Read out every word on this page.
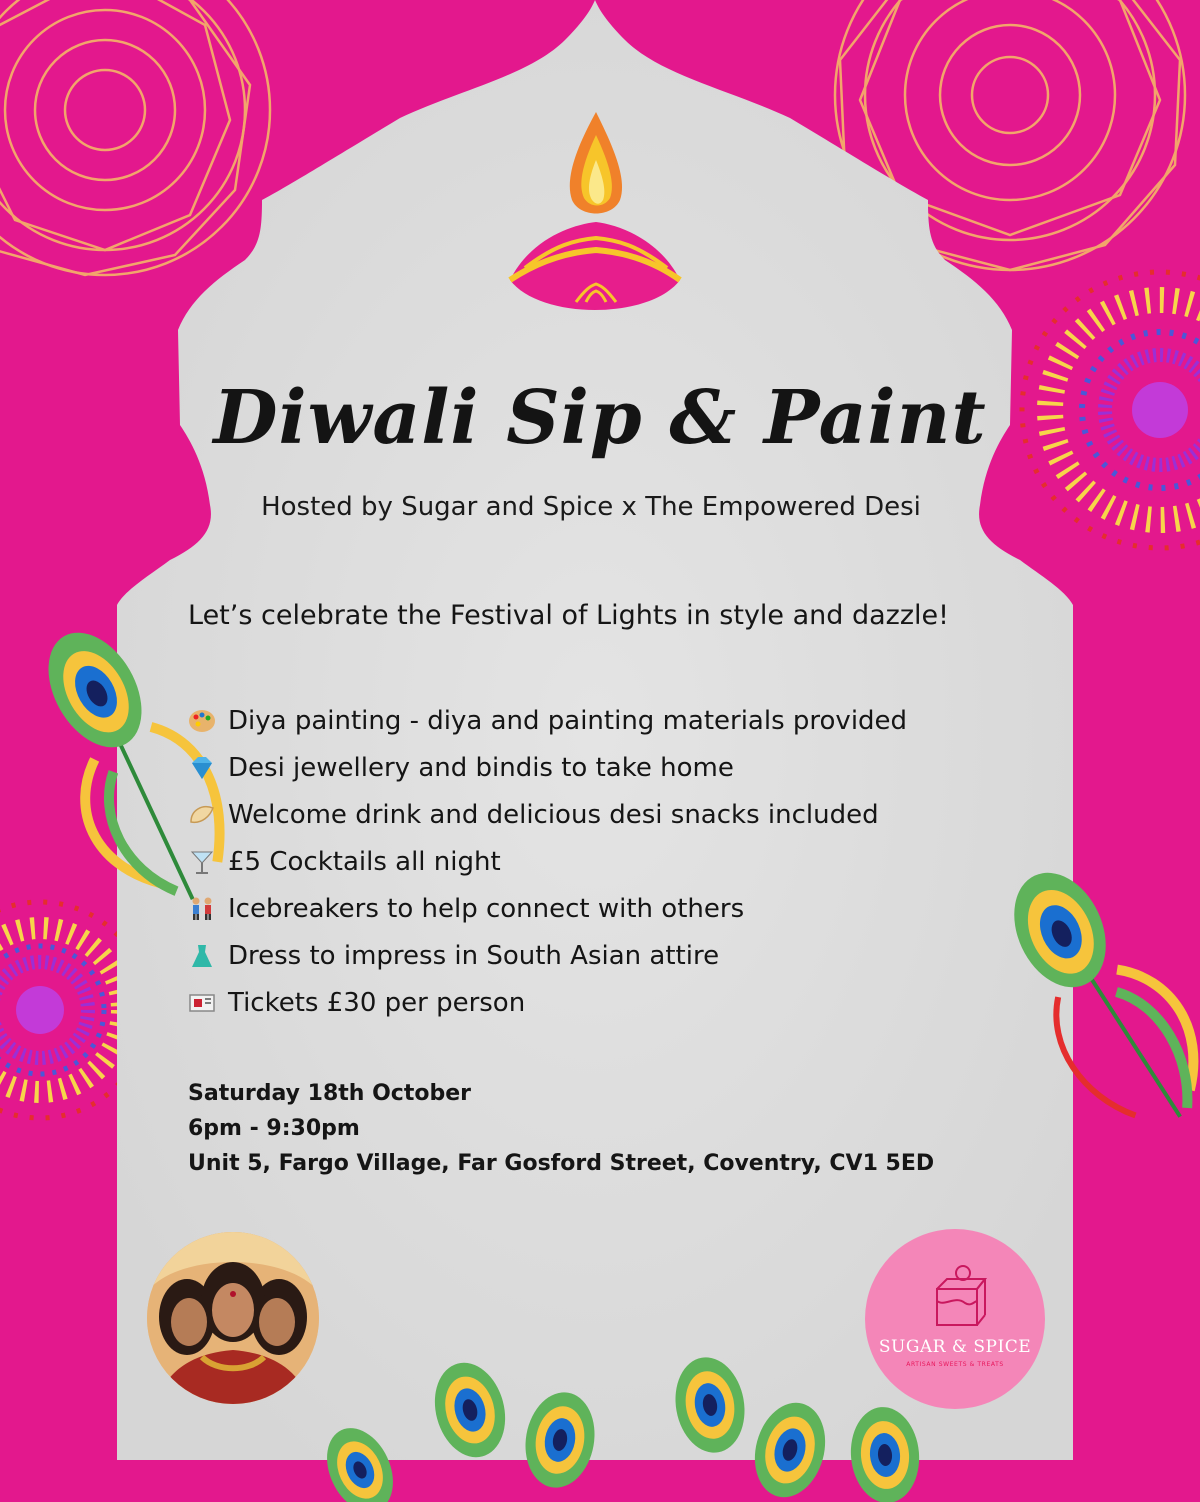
Diwali Sip & Paint
Hosted by Sugar and Spice x The Empowered Desi
Let’s celebrate the Festival of Lights in style and dazzle!
Diya painting - diya and painting materials provided
Desi jewellery and bindis to take home
Welcome drink and delicious desi snacks included
£5 Cocktails all night
Icebreakers to help connect with others
Dress to impress in South Asian attire
Tickets £30 per person
Saturday 18th October
6pm - 9:30pm
Unit 5, Fargo Village, Far Gosford Street, Coventry, CV1 5ED
SUGAR & SPICE
ARTISAN SWEETS & TREATS
